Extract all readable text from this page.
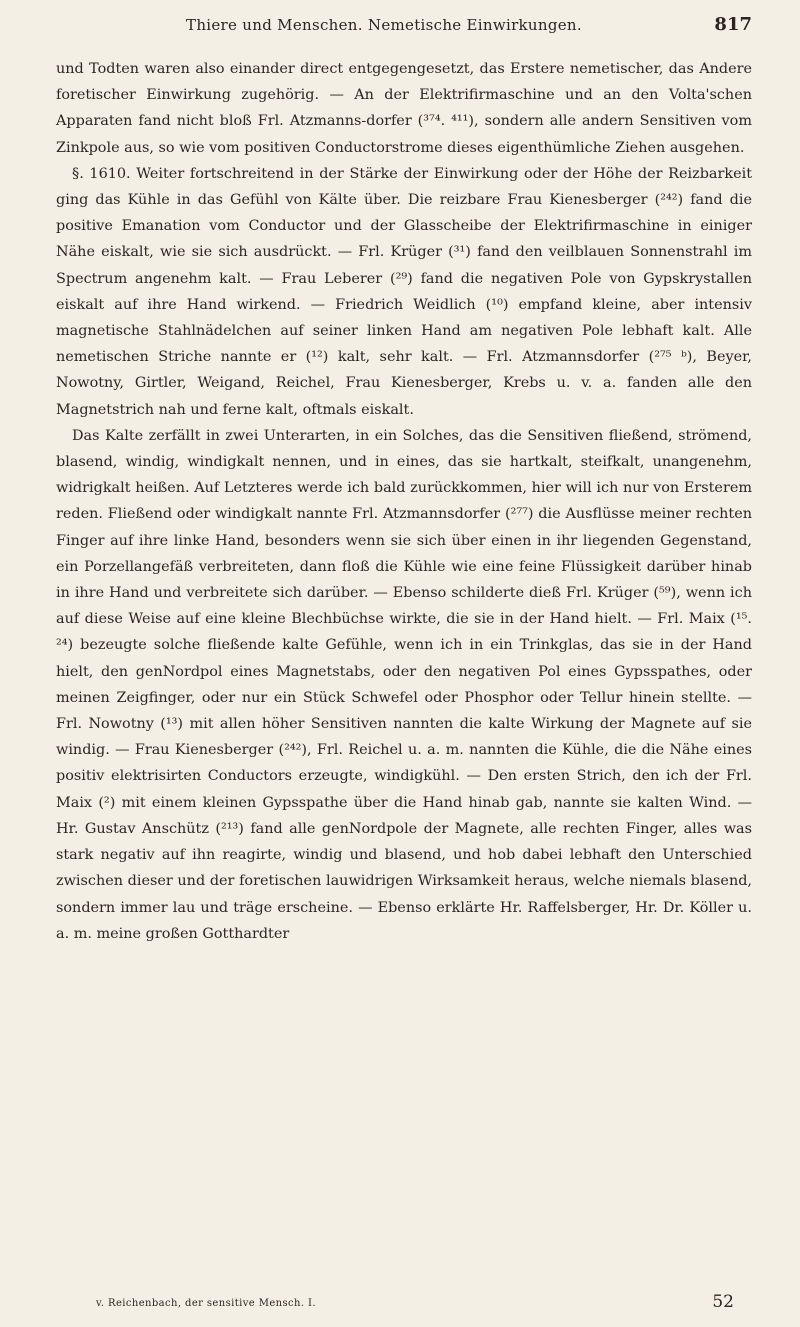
Thiere und Menschen. Nemetische Einwirkungen.	817

und Todten waren also einander direct entgegengesetzt, das Erstere nemetischer, das Andere foretischer Einwirkung zugehörig. — An der Elektrifirmaschine und an den Volta'schen Apparaten fand nicht bloß Frl. Atzmanns-dorfer (³⁷⁴. ⁴¹¹), sondern alle andern Sensitiven vom Zinkpole aus, so wie vom positiven Conductorstrome dieses eigenthümliche Ziehen ausgehen.

§. 1610. Weiter fortschreitend in der Stärke der Einwirkung oder der Höhe der Reizbarkeit ging das Kühle in das Gefühl von Kälte über. Die reizbare Frau Kienesberger (²⁴²) fand die positive Emanation vom Conductor und der Glasscheibe der Elektrifirmaschine in einiger Nähe eiskalt, wie sie sich ausdrückt. — Frl. Krüger (³¹) fand den veilblauen Sonnenstrahl im Spectrum angenehm kalt. — Frau Leberer (²⁹) fand die negativen Pole von Gypskrystallen eiskalt auf ihre Hand wirkend. — Friedrich Weidlich (¹⁰) empfand kleine, aber intensiv magnetische Stahlnädelchen auf seiner linken Hand am negativen Pole lebhaft kalt. Alle nemetischen Striche nannte er (¹²) kalt, sehr kalt. — Frl. Atzmannsdorfer (²⁷⁵ ᵇ), Beyer, Nowotny, Girtler, Weigand, Reichel, Frau Kienesberger, Krebs u. v. a. fanden alle den Magnetstrich nah und ferne kalt, oftmals eiskalt.

Das Kalte zerfällt in zwei Unterarten, in ein Solches, das die Sensitiven fließend, strömend, blasend, windig, windigkalt nennen, und in eines, das sie hartkalt, steifkalt, unangenehm, widrigkalt heißen. Auf Letzteres werde ich bald zurückkommen, hier will ich nur von Ersterem reden. Fließend oder windigkalt nannte Frl. Atzmannsdorfer (²⁷⁷) die Ausflüsse meiner rechten Finger auf ihre linke Hand, besonders wenn sie sich über einen in ihr liegenden Gegenstand, ein Porzellangefäß verbreiteten, dann floß die Kühle wie eine feine Flüssigkeit darüber hinab in ihre Hand und verbreitete sich darüber. — Ebenso schilderte dieß Frl. Krüger (⁵⁹), wenn ich auf diese Weise auf eine kleine Blechbüchse wirkte, die sie in der Hand hielt. — Frl. Maix (¹⁵. ²⁴) bezeugte solche fließende kalte Gefühle, wenn ich in ein Trinkglas, das sie in der Hand hielt, den genNordpol eines Magnetstabs, oder den negativen Pol eines Gypsspathes, oder meinen Zeigfinger, oder nur ein Stück Schwefel oder Phosphor oder Tellur hinein stellte. — Frl. Nowotny (¹³) mit allen höher Sensitiven nannten die kalte Wirkung der Magnete auf sie windig. — Frau Kienesberger (²⁴²), Frl. Reichel u. a. m. nannten die Kühle, die die Nähe eines positiv elektrisirten Conductors erzeugte, windigkühl. — Den ersten Strich, den ich der Frl. Maix (²) mit einem kleinen Gypsspathe über die Hand hinab gab, nannte sie kalten Wind. — Hr. Gustav Anschütz (²¹³) fand alle genNordpole der Magnete, alle rechten Finger, alles was stark negativ auf ihn reagirte, windig und blasend, und hob dabei lebhaft den Unterschied zwischen dieser und der foretischen lauwidrigen Wirksamkeit heraus, welche niemals blasend, sondern immer lau und träge erscheine. — Ebenso erklärte Hr. Raffelsberger, Hr. Dr. Köller u. a. m. meine großen Gotthardter

v. Reichenbach, der sensitive Mensch. I.	52
